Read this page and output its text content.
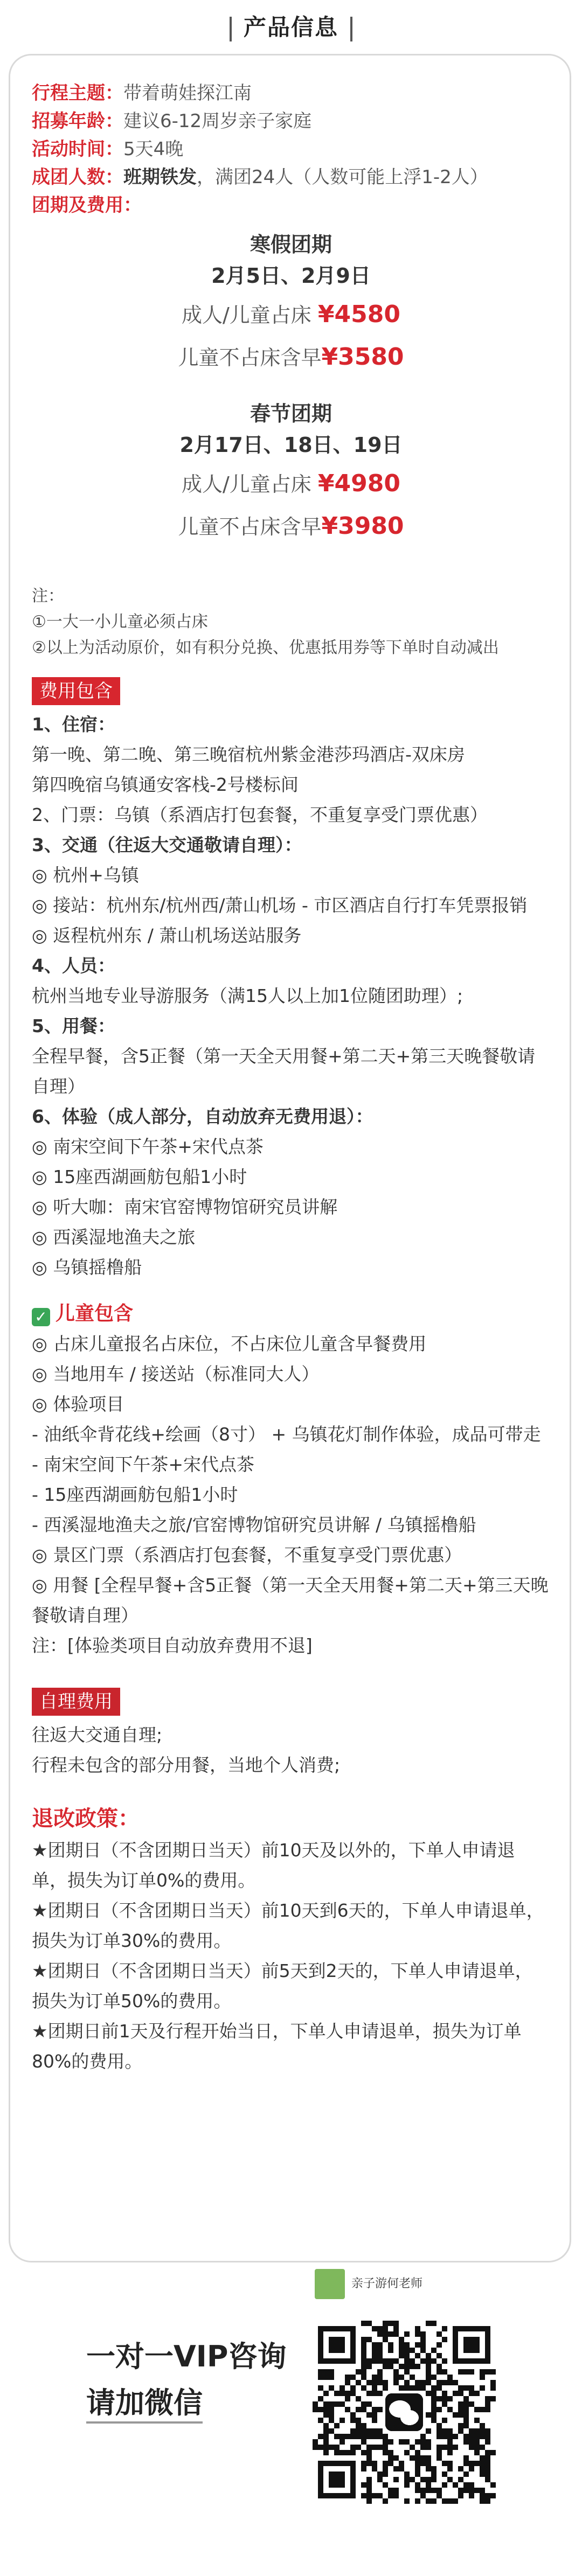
产品信息

行程主题：带着萌娃探江南

招募年龄：建议6-12周岁亲子家庭

活动时间：5天4晚

成团人数：班期铁发，满团24人（人数可能上浮1-2人）

团期及费用：

寒假团期
2月5日、2月9日
成人/儿童占床 ¥4580
儿童不占床含早¥3580
春节团期
2月17日、18日、19日
成人/儿童占床 ¥4980
儿童不占床含早¥3980
注：
①一大一小儿童必须占床
②以上为活动原价，如有积分兑换、优惠抵用券等下单时自动减出
费用包含
1、住宿：
第一晚、第二晚、第三晚宿杭州紫金港莎玛酒店-双床房
第四晚宿乌镇通安客栈-2号楼标间
2、门票：乌镇（系酒店打包套餐，不重复享受门票优惠）
3、交通（往返大交通敬请自理）：
◎ 杭州+乌镇
◎ 接站：杭州东/杭州西/萧山机场 - 市区酒店自行打车凭票报销
◎ 返程杭州东 / 萧山机场送站服务
4、人员：
杭州当地专业导游服务（满15人以上加1位随团助理）;
5、用餐：
全程早餐，含5正餐（第一天全天用餐+第二天+第三天晚餐敬请自理）
6、体验（成人部分，自动放弃无费用退）：
◎ 南宋空间下午茶+宋代点茶
◎ 15座西湖画舫包船1小时
◎ 听大咖：南宋官窑博物馆研究员讲解
◎ 西溪湿地渔夫之旅
◎ 乌镇摇橹船
✓ 儿童包含
◎ 占床儿童报名占床位，不占床位儿童含早餐费用
◎ 当地用车 / 接送站（标准同大人）
◎ 体验项目
- 油纸伞背花线+绘画（8寸） + 乌镇花灯制作体验，成品可带走
- 南宋空间下午茶+宋代点茶
- 15座西湖画舫包船1小时
- 西溪湿地渔夫之旅/官窑博物馆研究员讲解 / 乌镇摇橹船
◎ 景区门票（系酒店打包套餐，不重复享受门票优惠）
◎ 用餐 [全程早餐+含5正餐（第一天全天用餐+第二天+第三天晚餐敬请自理）
注：[体验类项目自动放弃费用不退]
自理费用
往返大交通自理;
行程未包含的部分用餐，当地个人消费;
退改政策：
★团期日（不含团期日当天）前10天及以外的，下单人申请退单，损失为订单0%的费用。
★团期日（不含团期日当天）前10天到6天的，下单人申请退单，损失为订单30%的费用。
★团期日（不含团期日当天）前5天到2天的，下单人申请退单，损失为订单50%的费用。
★团期日前1天及行程开始当日，下单人申请退单，损失为订单80%的费用。
亲子游何老师
一对一VIP咨询
请加微信
